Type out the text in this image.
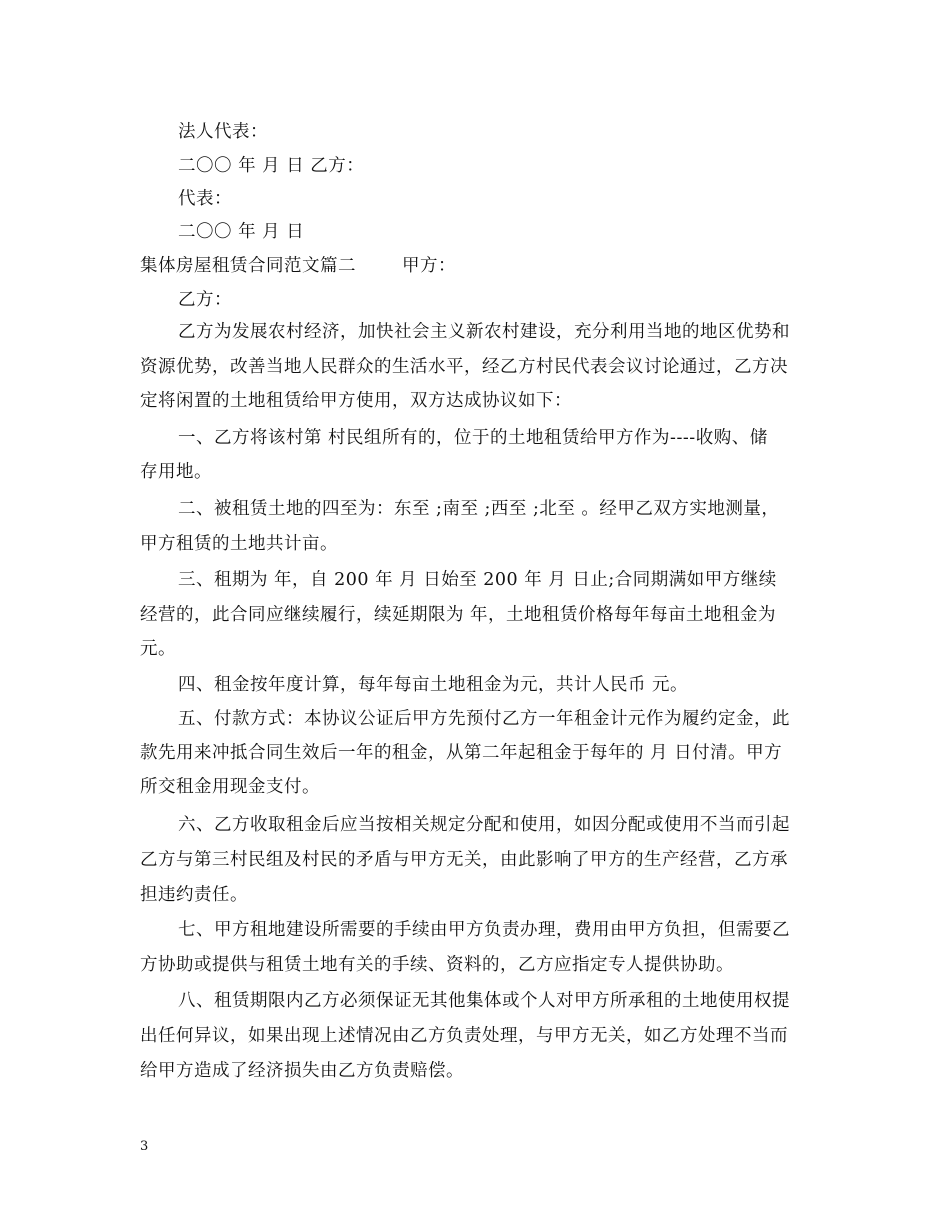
法人代表：
二〇〇 年 月 日 乙方：
代表：
二〇〇 年 月 日
集体房屋租赁合同范文篇二	甲方：
乙方：
乙方为发展农村经济，加快社会主义新农村建设，充分利用当地的地区优势和
资源优势，改善当地人民群众的生活水平，经乙方村民代表会议讨论通过，乙方决
定将闲置的土地租赁给甲方使用，双方达成协议如下：
一、乙方将该村第 村民组所有的，位于的土地租赁给甲方作为----收购、储
存用地。
二、被租赁土地的四至为：东至 ;南至 ;西至 ;北至 。经甲乙双方实地测量，
甲方租赁的土地共计亩。
三、租期为 年，自 200 年 月 日始至 200 年 月 日止;合同期满如甲方继续
经营的，此合同应继续履行，续延期限为 年，土地租赁价格每年每亩土地租金为
元。
四、租金按年度计算，每年每亩土地租金为元，共计人民币 元。
五、付款方式：本协议公证后甲方先预付乙方一年租金计元作为履约定金，此
款先用来冲抵合同生效后一年的租金，从第二年起租金于每年的 月 日付清。甲方
所交租金用现金支付。
六、乙方收取租金后应当按相关规定分配和使用，如因分配或使用不当而引起
乙方与第三村民组及村民的矛盾与甲方无关，由此影响了甲方的生产经营，乙方承
担违约责任。
七、甲方租地建设所需要的手续由甲方负责办理，费用由甲方负担，但需要乙
方协助或提供与租赁土地有关的手续、资料的，乙方应指定专人提供协助。
八、租赁期限内乙方必须保证无其他集体或个人对甲方所承租的土地使用权提
出任何异议，如果出现上述情况由乙方负责处理，与甲方无关，如乙方处理不当而
给甲方造成了经济损失由乙方负责赔偿。
3
